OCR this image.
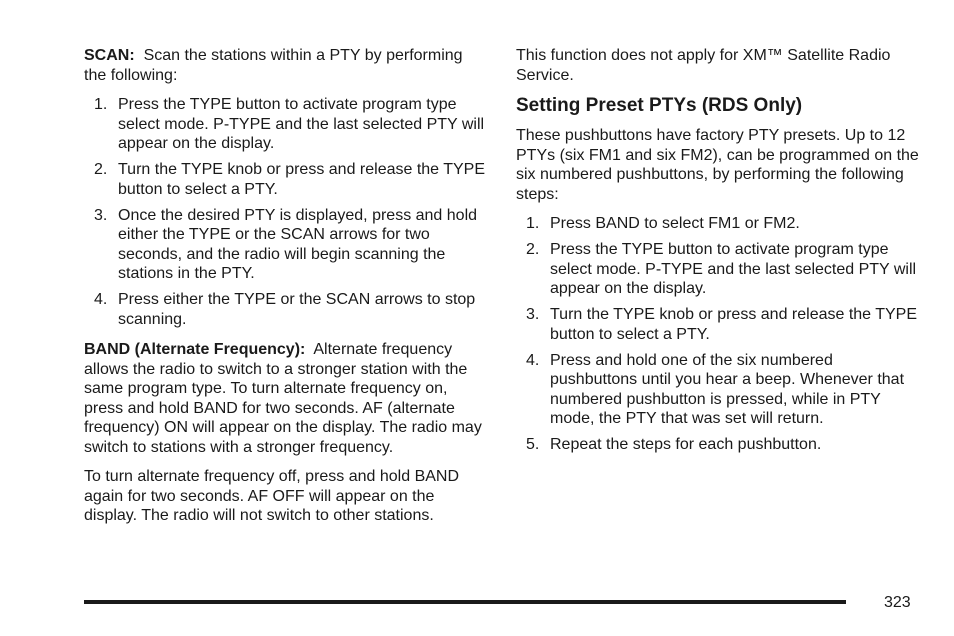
SCAN: Scan the stations within a PTY by performing the following:

1. Press the TYPE button to activate program type select mode. P-TYPE and the last selected PTY will appear on the display.
2. Turn the TYPE knob or press and release the TYPE button to select a PTY.
3. Once the desired PTY is displayed, press and hold either the TYPE or the SCAN arrows for two seconds, and the radio will begin scanning the stations in the PTY.
4. Press either the TYPE or the SCAN arrows to stop scanning.

BAND (Alternate Frequency): Alternate frequency allows the radio to switch to a stronger station with the same program type. To turn alternate frequency on, press and hold BAND for two seconds. AF (alternate frequency) ON will appear on the display. The radio may switch to stations with a stronger frequency.

To turn alternate frequency off, press and hold BAND again for two seconds. AF OFF will appear on the display. The radio will not switch to other stations.

This function does not apply for XM™ Satellite Radio Service.

Setting Preset PTYs (RDS Only)

These pushbuttons have factory PTY presets. Up to 12 PTYs (six FM1 and six FM2), can be programmed on the six numbered pushbuttons, by performing the following steps:

1. Press BAND to select FM1 or FM2.
2. Press the TYPE button to activate program type select mode. P-TYPE and the last selected PTY will appear on the display.
3. Turn the TYPE knob or press and release the TYPE button to select a PTY.
4. Press and hold one of the six numbered pushbuttons until you hear a beep. Whenever that numbered pushbutton is pressed, while in PTY mode, the PTY that was set will return.
5. Repeat the steps for each pushbutton.
323
